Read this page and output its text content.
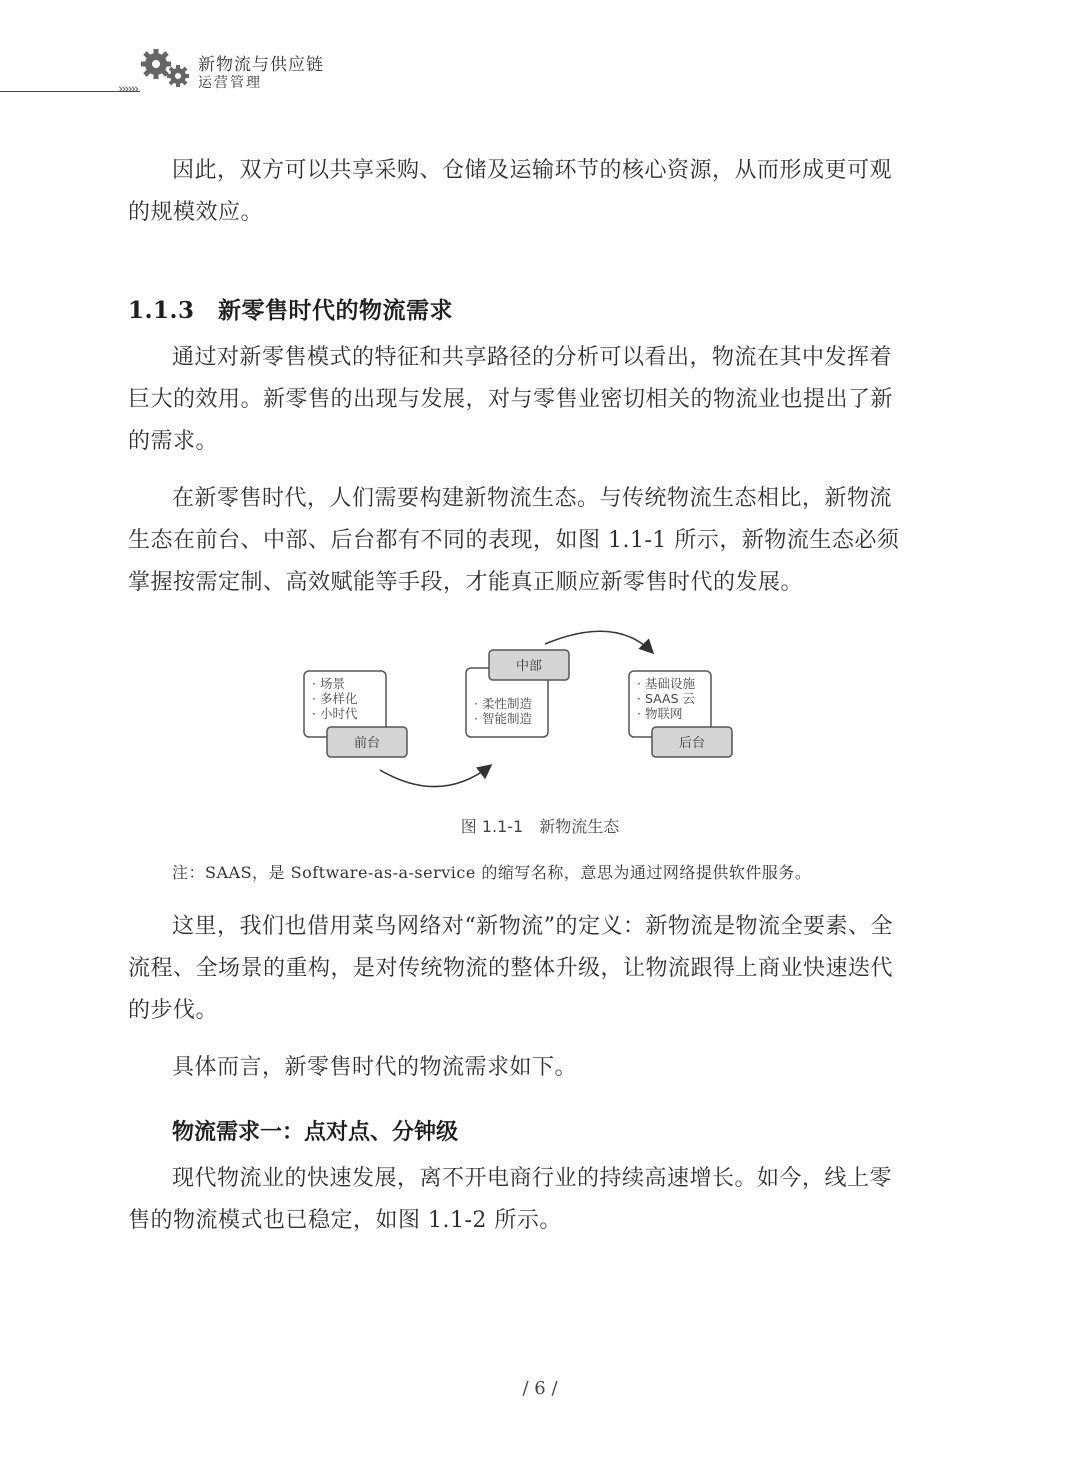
››››››
新物流与供应链
运营管理

因此，双方可以共享采购、仓储及运输环节的核心资源，从而形成更可观的规模效应。

1.1.3　新零售时代的物流需求

通过对新零售模式的特征和共享路径的分析可以看出，物流在其中发挥着巨大的效用。新零售的出现与发展，对与零售业密切相关的物流业也提出了新的需求。

在新零售时代，人们需要构建新物流生态。与传统物流生态相比，新物流生态在前台、中部、后台都有不同的表现，如图 1.1-1 所示，新物流生态必须掌握按需定制、高效赋能等手段，才能真正顺应新零售时代的发展。

· 场景
· 多样化
· 小时代
前台
中部
· 柔性制造
· 智能制造
· 基础设施
· SAAS 云
· 物联网
后台
图 1.1-1　新物流生态
注：SAAS，是 Software-as-a-service 的缩写名称，意思为通过网络提供软件服务。

这里，我们也借用菜鸟网络对“新物流”的定义：新物流是物流全要素、全流程、全场景的重构，是对传统物流的整体升级，让物流跟得上商业快速迭代的步伐。

具体而言，新零售时代的物流需求如下。

物流需求一：点对点、分钟级

现代物流业的快速发展，离不开电商行业的持续高速增长。如今，线上零售的物流模式也已稳定，如图 1.1-2 所示。

/ 6 /
